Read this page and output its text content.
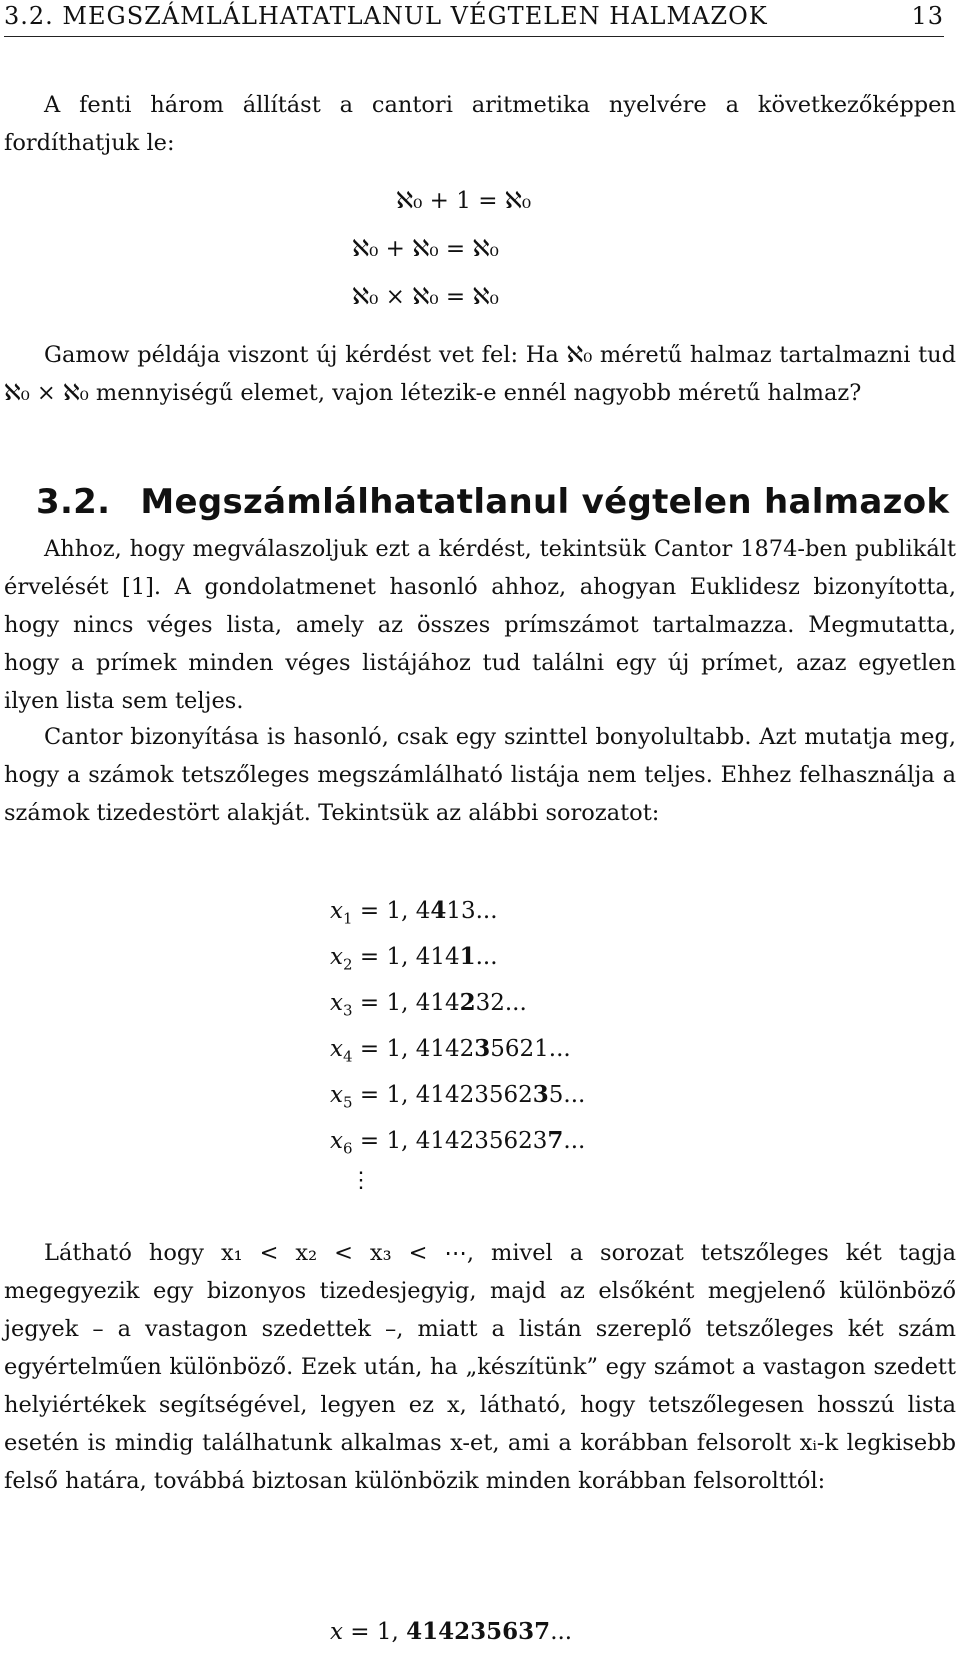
3.2. MEGSZÁMLÁLHATATLANUL VÉGTELEN HALMAZOK	13
A fenti három állítást a cantori aritmetika nyelvére a következőképpen fordíthatjuk le:
ℵ₀ + 1 = ℵ₀
ℵ₀ + ℵ₀ = ℵ₀
ℵ₀ × ℵ₀ = ℵ₀
Gamow példája viszont új kérdést vet fel: Ha ℵ₀ méretű halmaz tartalmazni tud ℵ₀ × ℵ₀ mennyiségű elemet, vajon létezik-e ennél nagyobb méretű halmaz?
3.2. Megszámlálhatatlanul végtelen halmazok
Ahhoz, hogy megválaszoljuk ezt a kérdést, tekintsük Cantor 1874-ben publikált érvelését [1]. A gondolatmenet hasonló ahhoz, ahogyan Euklidesz bizonyította, hogy nincs véges lista, amely az összes prímszámot tartalmazza. Megmutatta, hogy a prímek minden véges listájához tud találni egy új prímet, azaz egyetlen ilyen lista sem teljes.
Cantor bizonyítása is hasonló, csak egy szinttel bonyolultabb. Azt mutatja meg, hogy a számok tetszőleges megszámlálható listája nem teljes. Ehhez felhasználja a számok tizedestört alakját. Tekintsük az alábbi sorozatot:
$x_1 = 1$, 4413...
$x_2 = 1$, 4141...
$x_3 = 1$, 414232...
$x_4 = 1$, 414235621...
$x_5 = 1$, 4142356235...
$x_6 = 1$, 4142356237...
⋮
Látható hogy x₁ < x₂ < x₃ < ⋯, mivel a sorozat tetszőleges két tagja megegyezik egy bizonyos tizedesjegyig, majd az elsőként megjelenő különböző jegyek – a vastagon szedettek –, miatt a listán szereplő tetszőleges két szám egyértelműen különböző. Ezek után, ha „készítünk” egy számot a vastagon szedett helyiértékek segítségével, legyen ez x, látható, hogy tetszőlegesen hosszú lista esetén is mindig találhatunk alkalmas x-et, ami a korábban felsorolt xᵢ-k legkisebb felső határa, továbbá biztosan különbözik minden korábban felsorolttól:
x = 1, 414235637...
